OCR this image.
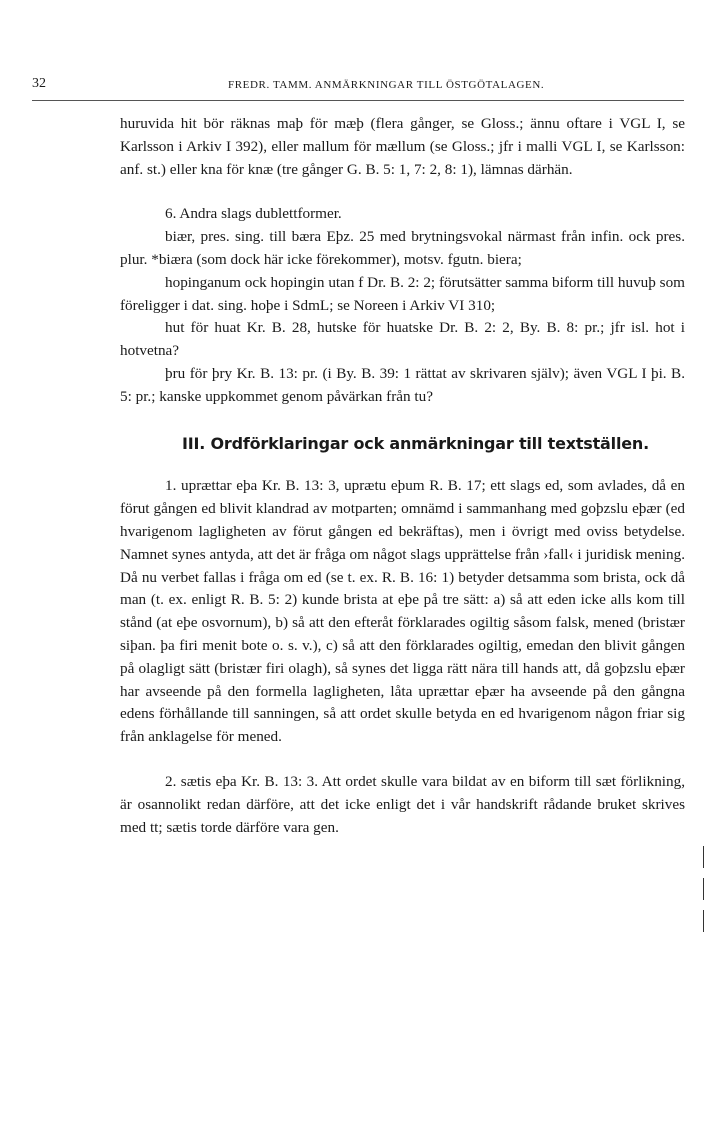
32	FREDR. TAMM. ANMÄRKNINGAR TILL ÖSTGÖTALAGEN.

huruvida hit bör räknas maþ för mæþ (flera gånger, se Gloss.; ännu oftare i VGL I, se Karlsson i Arkiv I 392), eller mallum för mællum (se Gloss.; jfr i malli VGL I, se Karlsson: anf. st.) eller kna för knæ (tre gånger G. B. 5: 1, 7: 2, 8: 1), lämnas därhän.

6. Andra slags dublettformer.

biær, pres. sing. till bæra Eþz. 25 med brytningsvokal närmast från infin. ock pres. plur. *biæra (som dock här icke förekommer), motsv. fgutn. biera;

hopinganum ock hopingin utan f Dr. B. 2: 2; förutsätter samma biform till huvuþ som föreligger i dat. sing. hoþe i SdmL; se Noreen i Arkiv VI 310;

hut för huat Kr. B. 28, hutske för huatske Dr. B. 2: 2, By. B. 8: pr.; jfr isl. hot i hotvetna?

þru för þry Kr. B. 13: pr. (i By. B. 39: 1 rättat av skrivaren själv); även VGL I þi. B. 5: pr.; kanske uppkommet genom påvärkan från tu?

III. Ordförklaringar ock anmärkningar till textställen.

1. uprættar eþa Kr. B. 13: 3, uprætu eþum R. B. 17; ett slags ed, som avlades, då en förut gången ed blivit klandrad av motparten; omnämd i sammanhang med goþzslu eþær (ed hvarigenom lagligheten av förut gången ed bekräftas), men i övrigt med oviss betydelse. Namnet synes antyda, att det är fråga om något slags upprättelse från ›fall‹ i juridisk mening. Då nu verbet fallas i fråga om ed (se t. ex. R. B. 16: 1) betyder detsamma som brista, ock då man (t. ex. enligt R. B. 5: 2) kunde brista at eþe på tre sätt: a) så att eden icke alls kom till stånd (at eþe osvornum), b) så att den efteråt förklarades ogiltig såsom falsk, mened (bristær siþan. þa firi menit bote o. s. v.), c) så att den förklarades ogiltig, emedan den blivit gången på olagligt sätt (bristær firi olagh), så synes det ligga rätt nära till hands att, då goþzslu eþær har avseende på den formella lagligheten, låta uprættar eþær ha avseende på den gångna edens förhållande till sanningen, så att ordet skulle betyda en ed hvarigenom någon friar sig från anklagelse för mened.

2. sætis eþa Kr. B. 13: 3. Att ordet skulle vara bildat av en biform till sæt förlikning, är osannolikt redan därföre, att det icke enligt det i vår handskrift rådande bruket skrives med tt; sætis torde därföre vara gen.
